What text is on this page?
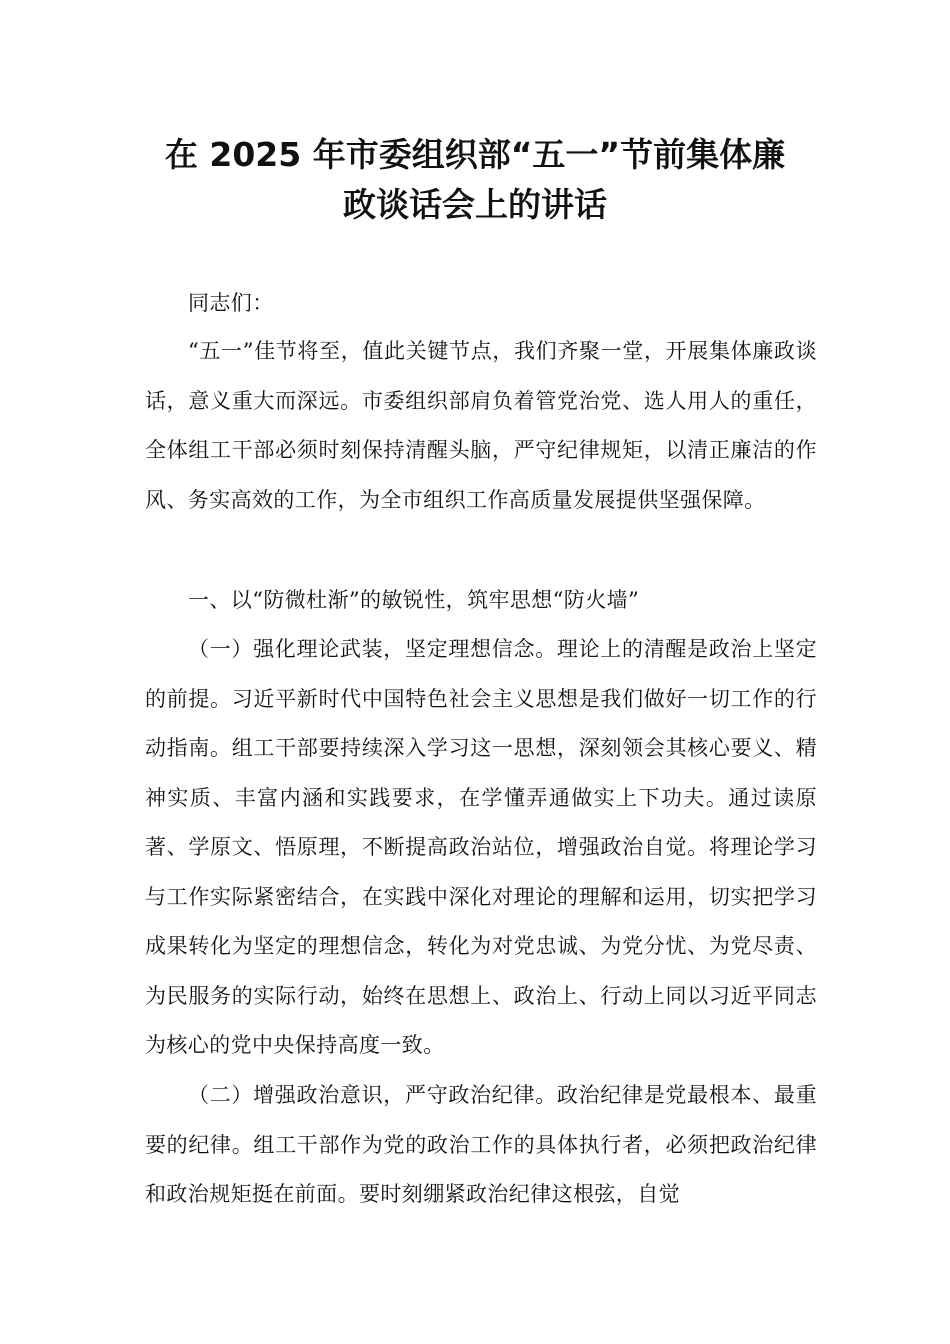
在 2025 年市委组织部“五一”节前集体廉
政谈话会上的讲话

同志们：

“五一”佳节将至，值此关键节点，我们齐聚一堂，开展集体廉政谈话，意义重大而深远。市委组织部肩负着管党治党、选人用人的重任，全体组工干部必须时刻保持清醒头脑，严守纪律规矩，以清正廉洁的作风、务实高效的工作，为全市组织工作高质量发展提供坚强保障。

一、以“防微杜渐”的敏锐性，筑牢思想“防火墙”

（一）强化理论武装，坚定理想信念。理论上的清醒是政治上坚定的前提。习近平新时代中国特色社会主义思想是我们做好一切工作的行动指南。组工干部要持续深入学习这一思想，深刻领会其核心要义、精神实质、丰富内涵和实践要求，在学懂弄通做实上下功夫。通过读原著、学原文、悟原理，不断提高政治站位，增强政治自觉。将理论学习与工作实际紧密结合，在实践中深化对理论的理解和运用，切实把学习成果转化为坚定的理想信念，转化为对党忠诚、为党分忧、为党尽责、为民服务的实际行动，始终在思想上、政治上、行动上同以习近平同志为核心的党中央保持高度一致。

（二）增强政治意识，严守政治纪律。政治纪律是党最根本、最重要的纪律。组工干部作为党的政治工作的具体执行者，必须把政治纪律和政治规矩挺在前面。要时刻绷紧政治纪律这根弦，自觉
